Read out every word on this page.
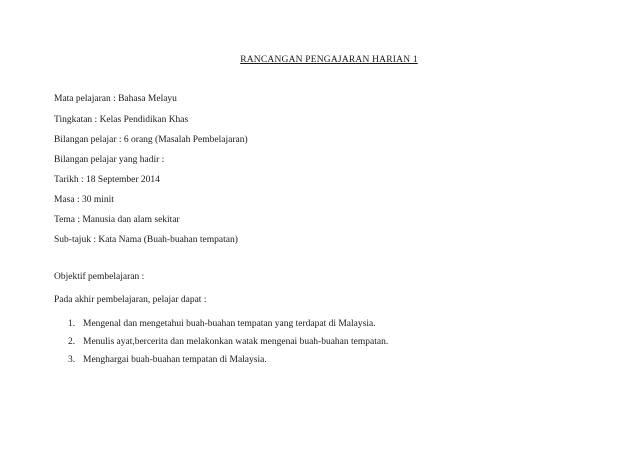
RANCANGAN PENGAJARAN HARIAN 1
Mata pelajaran : Bahasa Melayu
Tingkatan : Kelas Pendidikan Khas
Bilangan pelajar : 6 orang (Masalah Pembelajaran)
Bilangan pelajar yang hadir :
Tarikh : 18 September 2014
Masa : 30 minit
Tema : Manusia dan alam sekitar
Sub-tajuk : Kata Nama (Buah-buahan tempatan)
Objektif pembelajaran :
Pada akhir pembelajaran, pelajar dapat :
1. Mengenal dan mengetahui buah-buahan tempatan yang terdapat di Malaysia.
2. Menulis ayat,bercerita dan melakonkan watak mengenai buah-buahan tempatan.
3. Menghargai buah-buahan tempatan di Malaysia.
